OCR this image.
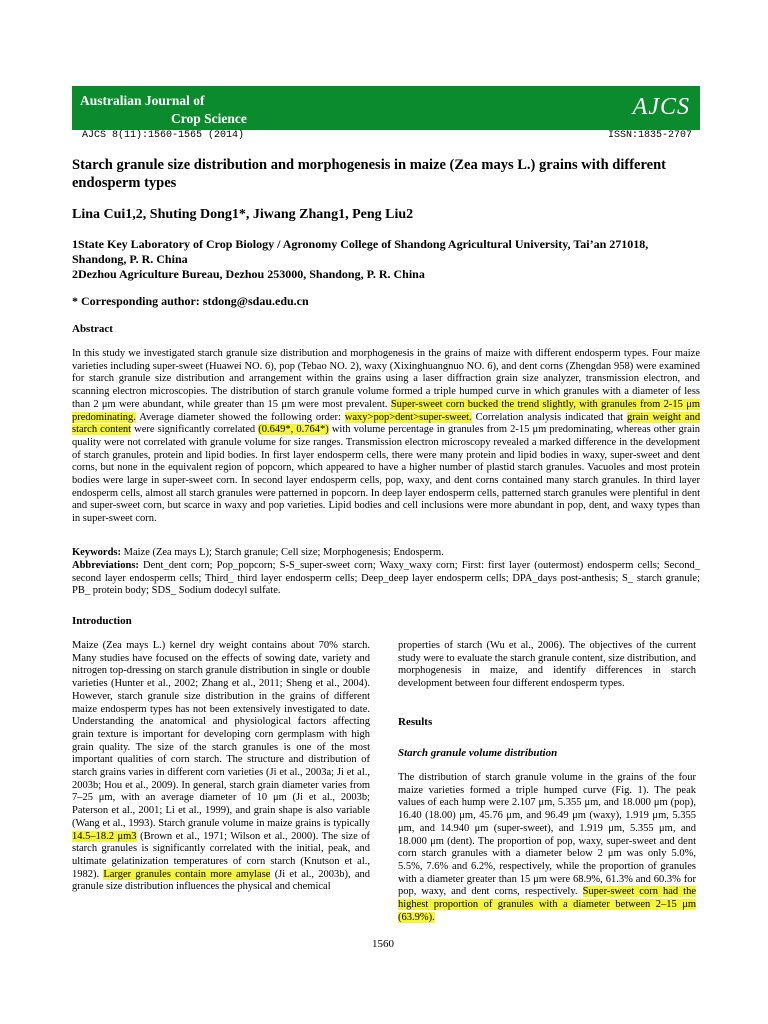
Australian Journal of
Crop Science	AJCS
AJCS 8(11):1560-1565 (2014)	ISSN:1835-2707
Starch granule size distribution and morphogenesis in maize (Zea mays L.) grains with different endosperm types
Lina Cui1,2, Shuting Dong1*, Jiwang Zhang1, Peng Liu2

1State Key Laboratory of Crop Biology / Agronomy College of Shandong Agricultural University, Tai’an 271018, Shandong, P. R. China

2Dezhou Agriculture Bureau, Dezhou 253000, Shandong, P. R. China

* Corresponding author: stdong@sdau.edu.cn
Abstract
In this study we investigated starch granule size distribution and morphogenesis in the grains of maize with different endosperm types. Four maize varieties including super-sweet (Huawei NO. 6), pop (Tebao NO. 2), waxy (Xixinghuangnuo NO. 6), and dent corns (Zhengdan 958) were examined for starch granule size distribution and arrangement within the grains using a laser diffraction grain size analyzer, transmission electron, and scanning electron microscopies. The distribution of starch granule volume formed a triple humped curve in which granules with a diameter of less than 2 μm were abundant, while greater than 15 μm were most prevalent. Super-sweet corn bucked the trend slightly, with granules from 2-15 μm predominating. Average diameter showed the following order: waxy>pop>dent>super-sweet. Correlation analysis indicated that grain weight and starch content were significantly correlated (0.649*, 0.764*) with volume percentage in granules from 2-15 μm predominating, whereas other grain quality were not correlated with granule volume for size ranges. Transmission electron microscopy revealed a marked difference in the development of starch granules, protein and lipid bodies. In first layer endosperm cells, there were many protein and lipid bodies in waxy, super-sweet and dent corns, but none in the equivalent region of popcorn, which appeared to have a higher number of plastid starch granules. Vacuoles and most protein bodies were large in super-sweet corn. In second layer endosperm cells, pop, waxy, and dent corns contained many starch granules. In third layer endosperm cells, almost all starch granules were patterned in popcorn. In deep layer endosperm cells, patterned starch granules were plentiful in dent and super-sweet corn, but scarce in waxy and pop varieties. Lipid bodies and cell inclusions were more abundant in pop, dent, and waxy types than in super-sweet corn.

Keywords: Maize (Zea mays L); Starch granule; Cell size; Morphogenesis; Endosperm.

Abbreviations: Dent_dent corn; Pop_popcorn; S-S_super-sweet corn; Waxy_waxy corn; First: first layer (outermost) endosperm cells; Second_ second layer endosperm cells; Third_ third layer endosperm cells; Deep_deep layer endosperm cells; DPA_days post-anthesis; S_ starch granule; PB_ protein body; SDS_ Sodium dodecyl sulfate.

Introduction
Maize (Zea mays L.) kernel dry weight contains about 70% starch. Many studies have focused on the effects of sowing date, variety and nitrogen top-dressing on starch granule distribution in single or double varieties (Hunter et al., 2002; Zhang et al., 2011; Sheng et al., 2004). However, starch granule size distribution in the grains of different maize endosperm types has not been extensively investigated to date. Understanding the anatomical and physiological factors affecting grain texture is important for developing corn germplasm with high grain quality. The size of the starch granules is one of the most important qualities of corn starch. The structure and distribution of starch grains varies in different corn varieties (Ji et al., 2003a; Ji et al., 2003b; Hou et al., 2009). In general, starch grain diameter varies from 7–25 μm, with an average diameter of 10 μm (Ji et al., 2003b; Paterson et al., 2001; Li et al., 1999), and grain shape is also variable (Wang et al., 1993). Starch granule volume in maize grains is typically 14.5–18.2 μm3 (Brown et al., 1971; Wilson et al., 2000). The size of starch granules is significantly correlated with the initial, peak, and ultimate gelatinization temperatures of corn starch (Knutson et al., 1982). Larger granules contain more amylase (Ji et al., 2003b), and granule size distribution influences the physical and chemical
properties of starch (Wu et al., 2006). The objectives of the current study were to evaluate the starch granule content, size distribution, and morphogenesis in maize, and identify differences in starch development between four different endosperm types.
Results
Starch granule volume distribution
The distribution of starch granule volume in the grains of the four maize varieties formed a triple humped curve (Fig. 1). The peak values of each hump were 2.107 μm, 5.355 μm, and 18.000 μm (pop), 16.40 (18.00) μm, 45.76 μm, and 96.49 μm (waxy), 1.919 μm, 5.355 μm, and 14.940 μm (super-sweet), and 1.919 μm, 5.355 μm, and 18.000 μm (dent). The proportion of pop, waxy, super-sweet and dent corn starch granules with a diameter below 2 μm was only 5.0%, 5.5%, 7.6% and 6.2%, respectively, while the proportion of granules with a diameter greater than 15 μm were 68.9%, 61.3% and 60.3% for pop, waxy, and dent corns, respectively. Super-sweet corn had the highest proportion of granules with a diameter between 2–15 μm (63.9%).
1560
